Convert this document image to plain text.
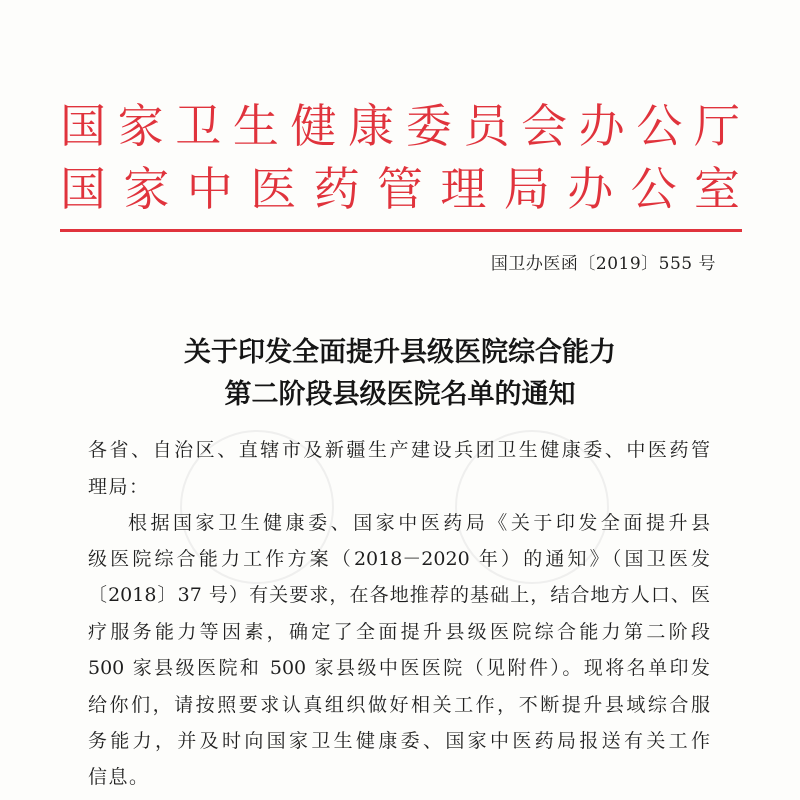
国家卫生健康委员会办公厅
国家中医药管理局办公室
国卫办医函〔2019〕555 号
关于印发全面提升县级医院综合能力
第二阶段县级医院名单的通知
各省、自治区、直辖市及新疆生产建设兵团卫生健康委、中医药管
理局：
根据国家卫生健康委、国家中医药局《关于印发全面提升县
级医院综合能力工作方案（2018－2020 年）的通知》（国卫医发
〔2018〕37 号）有关要求，在各地推荐的基础上，结合地方人口、医
疗服务能力等因素，确定了全面提升县级医院综合能力第二阶段
500 家县级医院和 500 家县级中医医院（见附件）。现将名单印发
给你们，请按照要求认真组织做好相关工作，不断提升县域综合服
务能力，并及时向国家卫生健康委、国家中医药局报送有关工作
信息。
